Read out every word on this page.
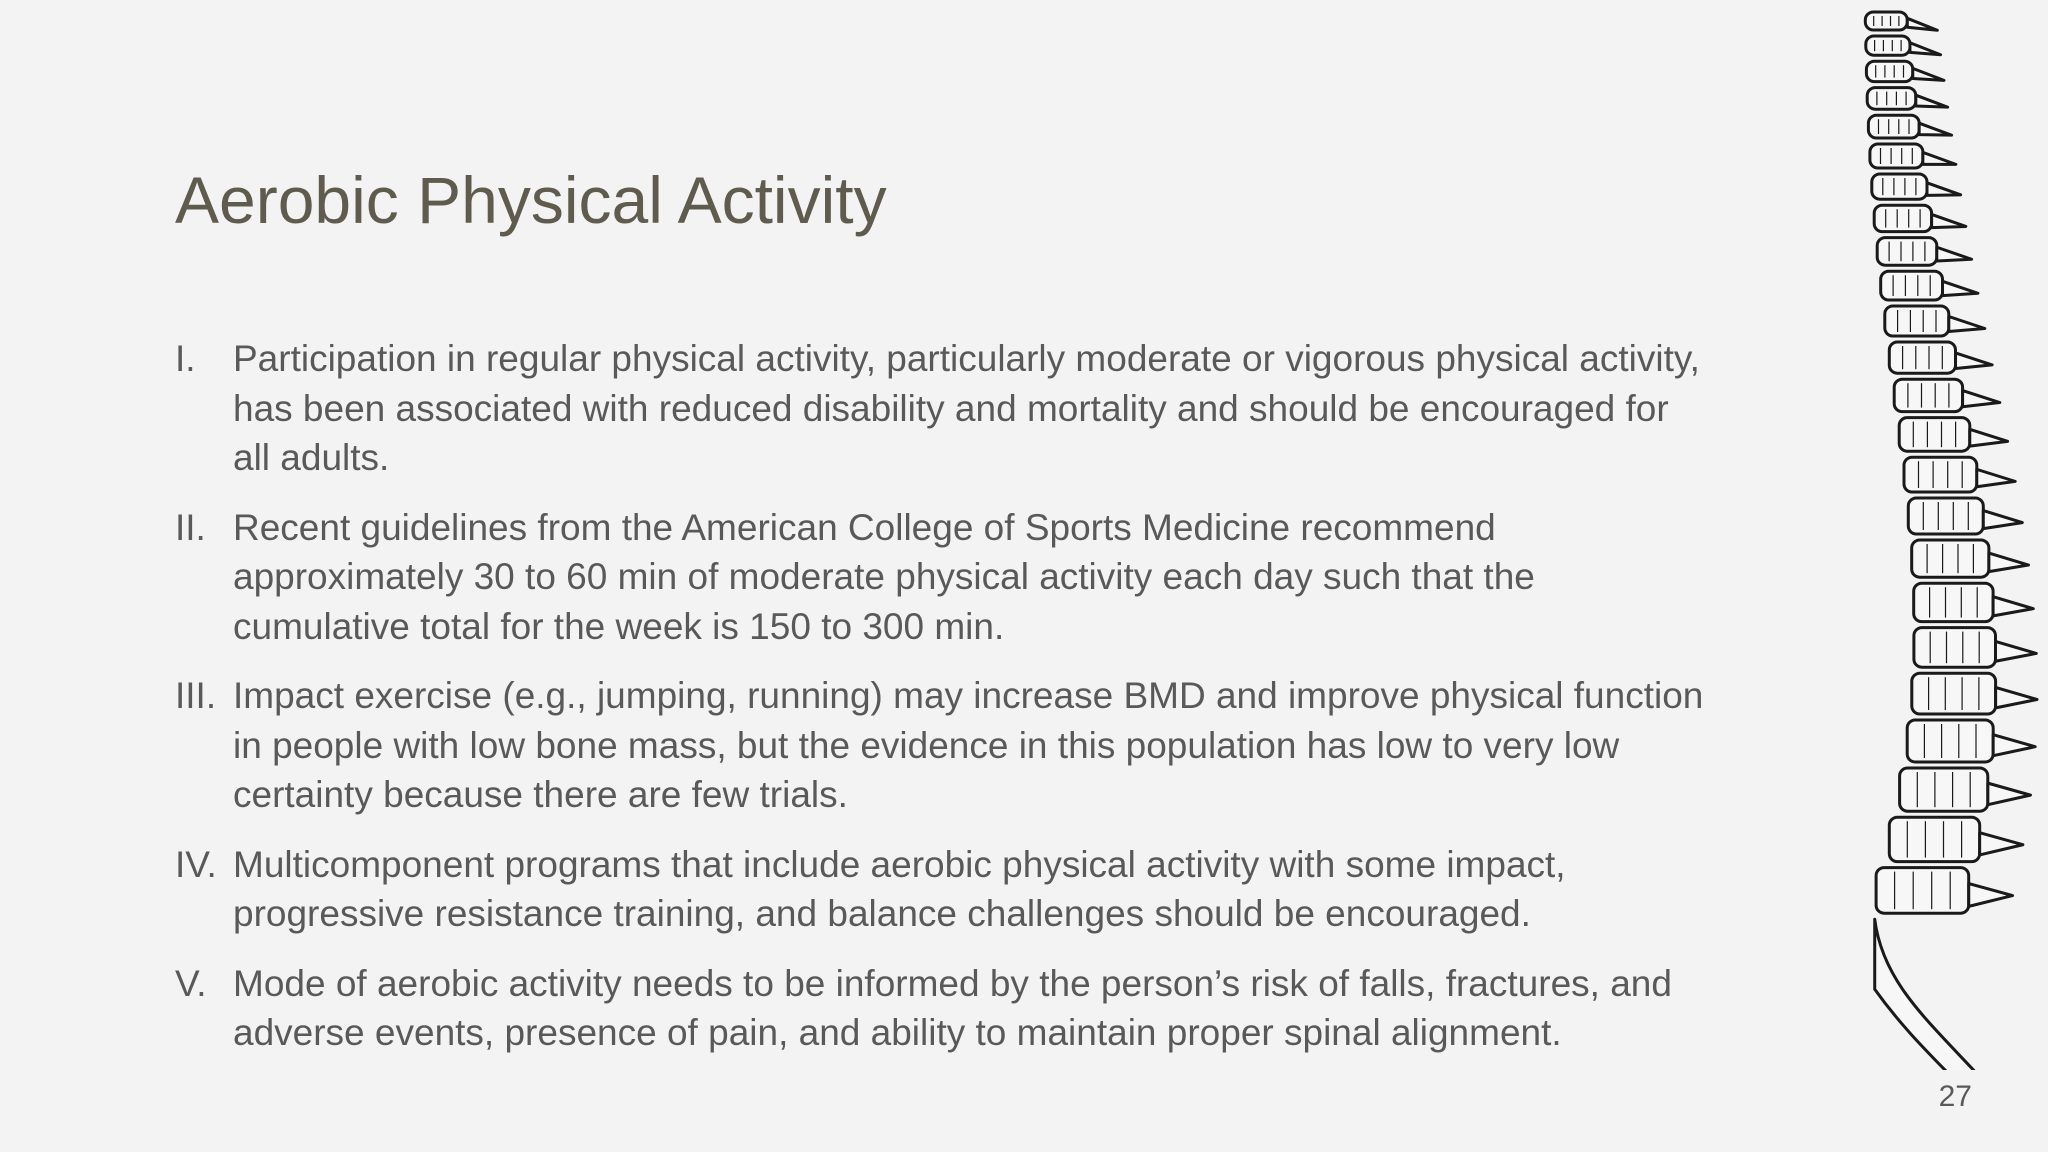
Aerobic Physical Activity
I. Participation in regular physical activity, particularly moderate or vigorous physical activity, has been associated with reduced disability and mortality and should be encouraged for all adults.
II. Recent guidelines from the American College of Sports Medicine recommend approximately 30 to 60 min of moderate physical activity each day such that the cumulative total for the week is 150 to 300 min.
III. Impact exercise (e.g., jumping, running) may increase BMD and improve physical function in people with low bone mass, but the evidence in this population has low to very low certainty because there are few trials.
IV. Multicomponent programs that include aerobic physical activity with some impact, progressive resistance training, and balance challenges should be encouraged.
V. Mode of aerobic activity needs to be informed by the person’s risk of falls, fractures, and adverse events, presence of pain, and ability to maintain proper spinal alignment.
27
